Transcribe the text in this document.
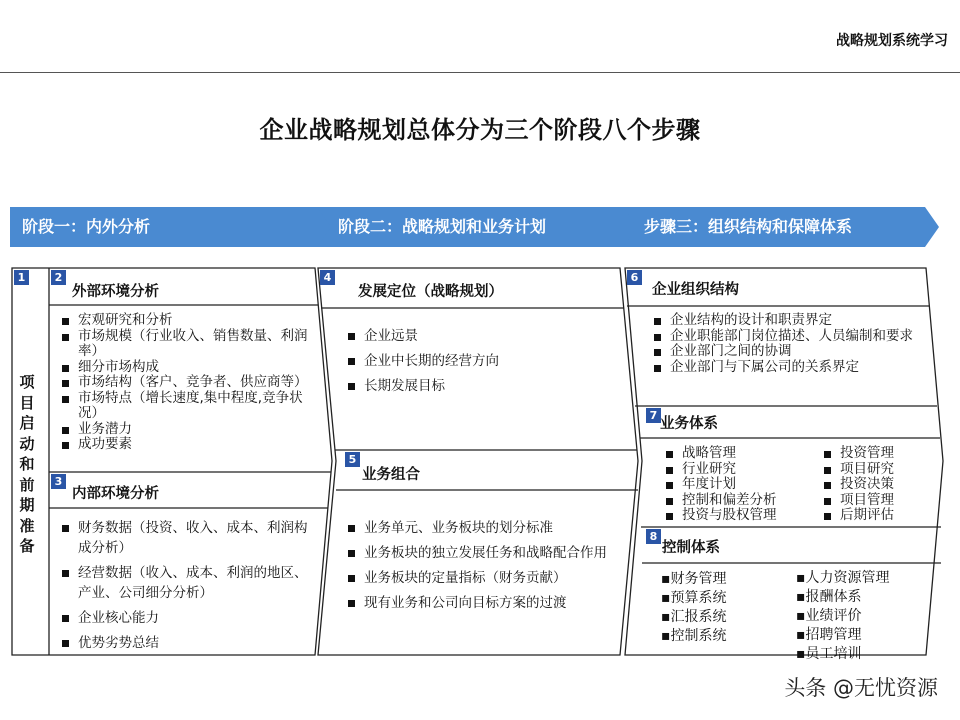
战略规划系统学习
企业战略规划总体分为三个阶段八个步骤
阶段一：内外分析	阶段二：战略规划和业务计划	步骤三：组织结构和保障体系
1	2
3
4
5
6
7
8
项目启动和前期准备
外部环境分析
宏观研究和分析
市场规模（行业收入、销售数量、利润率）
细分市场构成
市场结构（客户、竞争者、供应商等）
市场特点（增长速度,集中程度,竞争状况）
业务潜力
成功要素
内部环境分析
财务数据（投资、收入、成本、利润构成分析）
经营数据（收入、成本、利润的地区、产业、公司细分分析）
企业核心能力
优势劣势总结
发展定位（战略规划）
企业远景
企业中长期的经营方向
长期发展目标
业务组合
业务单元、业务板块的划分标准
业务板块的独立发展任务和战略配合作用
业务板块的定量指标（财务贡献）
现有业务和公司向目标方案的过渡
企业组织结构
企业结构的设计和职责界定
企业职能部门岗位描述、人员编制和要求
企业部门之间的协调
企业部门与下属公司的关系界定
业务体系
战略管理
行业研究
年度计划
控制和偏差分析
投资与股权管理
投资管理
项目研究
投资决策
项目管理
后期评估
控制体系
▪财务管理
▪预算系统
▪汇报系统
▪控制系统
▪人力资源管理
▪报酬体系
▪业绩评价
▪招聘管理
▪员工培训
头条 @无忧资源
